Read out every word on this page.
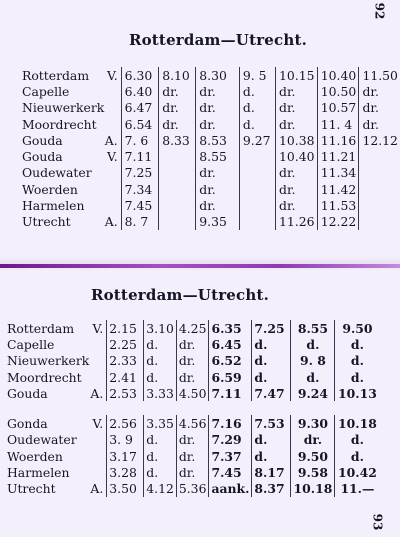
92
Rotterdam—Utrecht.
Rotterdam	V.	6.30	8.10	8.30	9. 5	10.15	10.40	11.50
Capelle		6.40	dr.	dr.	d.	dr.	10.50	dr.
Nieuwerkerk		6.47	dr.	dr.	d.	dr.	10.57	dr.
Moordrecht		6.54	dr.	dr.	d.	dr.	11. 4	dr.
Gouda	A.	7. 6	8.33	8.53	9.27	10.38	11.16	12.12
Gouda	V.	7.11		8.55		10.40	11.21	
Oudewater		7.25		dr.		dr.	11.34	
Woerden		7.34		dr.		dr.	11.42	
Harmelen		7.45		dr.		dr.	11.53	
Utrecht	A.	8. 7		9.35		11.26	12.22	
Rotterdam—Utrecht.
Rotterdam	V.	2.15	3.10	4.25	6.35	7.25	8.55	9.50
Capelle		2.25	d.	dr.	6.45	d.	d.	d.
Nieuwerkerk		2.33	d.	dr.	6.52	d.	9. 8	d.
Moordrecht		2.41	d.	dr.	6.59	d.	d.	d.
Gouda	A.	2.53	3.33	4.50	7.11	7.47	9.24	10.13

Gonda	V.	2.56	3.35	4.56	7.16	7.53	9.30	10.18
Oudewater		3. 9	d.	dr.	7.29	d.	dr.	d.
Woerden		3.17	d.	dr.	7.37	d.	9.50	d.
Harmelen		3.28	d.	dr.	7.45	8.17	9.58	10.42
Utrecht	A.	3.50	4.12	5.36	aank.	8.37	10.18	11.—
93
